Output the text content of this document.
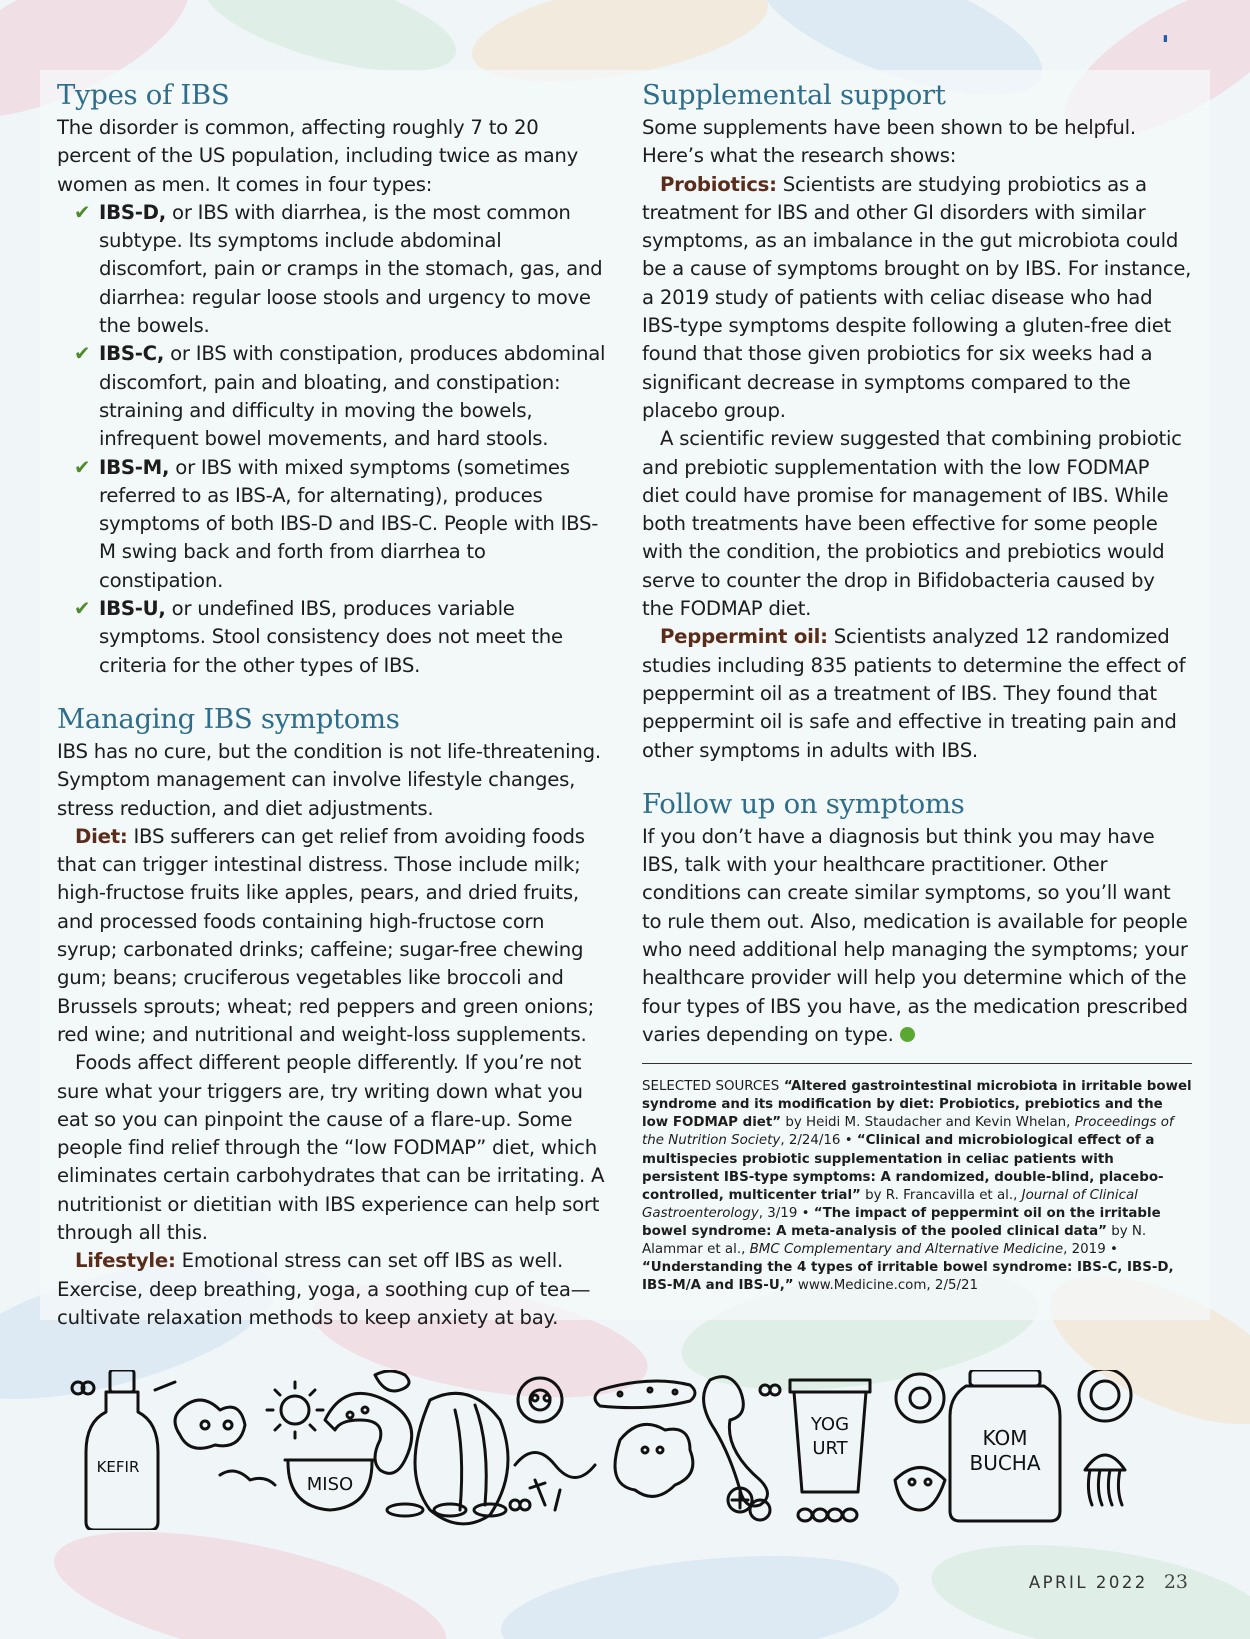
▮
Types of IBS

The disorder is common, affecting roughly 7 to 20 percent of the US population, including twice as many women as men. It comes in four types:

✔ IBS-D, or IBS with diarrhea, is the most common subtype. Its symptoms include abdominal discomfort, pain or cramps in the stomach, gas, and diarrhea: regular loose stools and urgency to move the bowels.
✔ IBS-C, or IBS with constipation, produces abdominal discomfort, pain and bloating, and constipation: straining and difficulty in moving the bowels, infrequent bowel movements, and hard stools.
✔ IBS-M, or IBS with mixed symptoms (sometimes referred to as IBS-A, for alternating), produces symptoms of both IBS-D and IBS-C. People with IBS-M swing back and forth from diarrhea to constipation.
✔ IBS-U, or undefined IBS, produces variable symptoms. Stool consistency does not meet the criteria for the other types of IBS.
Managing IBS symptoms

IBS has no cure, but the condition is not life-threatening. Symptom management can involve lifestyle changes, stress reduction, and diet adjustments.

Diet: IBS sufferers can get relief from avoiding foods that can trigger intestinal distress. Those include milk; high-fructose fruits like apples, pears, and dried fruits, and processed foods containing high-fructose corn syrup; carbonated drinks; caffeine; sugar-free chewing gum; beans; cruciferous vegetables like broccoli and Brussels sprouts; wheat; red peppers and green onions; red wine; and nutritional and weight-loss supplements.

Foods affect different people differently. If you’re not sure what your triggers are, try writing down what you eat so you can pinpoint the cause of a flare-up. Some people find relief through the “low FODMAP” diet, which eliminates certain carbohydrates that can be irritating. A nutritionist or dietitian with IBS experience can help sort through all this.

Lifestyle: Emotional stress can set off IBS as well. Exercise, deep breathing, yoga, a soothing cup of tea—cultivate relaxation methods to keep anxiety at bay.

Supplemental support

Some supplements have been shown to be helpful. Here’s what the research shows:

Probiotics: Scientists are studying probiotics as a treatment for IBS and other GI disorders with similar symptoms, as an imbalance in the gut microbiota could be a cause of symptoms brought on by IBS. For instance, a 2019 study of patients with celiac disease who had IBS-type symptoms despite following a gluten-free diet found that those given probiotics for six weeks had a significant decrease in symptoms compared to the placebo group.

A scientific review suggested that combining probiotic and prebiotic supplementation with the low FODMAP diet could have promise for management of IBS. While both treatments have been effective for some people with the condition, the probiotics and prebiotics would serve to counter the drop in Bifidobacteria caused by the FODMAP diet.

Peppermint oil: Scientists analyzed 12 randomized studies including 835 patients to determine the effect of peppermint oil as a treatment of IBS. They found that peppermint oil is safe and effective in treating pain and other symptoms in adults with IBS.

Follow up on symptoms

If you don’t have a diagnosis but think you may have IBS, talk with your healthcare practitioner. Other conditions can create similar symptoms, so you’ll want to rule them out. Also, medication is available for people who need additional help managing the symptoms; your healthcare provider will help you determine which of the four types of IBS you have, as the medication prescribed varies depending on type.

SELECTED SOURCES “Altered gastrointestinal microbiota in irritable bowel syndrome and its modification by diet: Probiotics, prebiotics and the low FODMAP diet” by Heidi M. Staudacher and Kevin Whelan, Proceedings of the Nutrition Society, 2/24/16 • “Clinical and microbiological effect of a multispecies probiotic supplementation in celiac patients with persistent IBS-type symptoms: A randomized, double-blind, placebo-controlled, multicenter trial” by R. Francavilla et al., Journal of Clinical Gastroenterology, 3/19 • “The impact of peppermint oil on the irritable bowel syndrome: A meta-analysis of the pooled clinical data” by N. Alammar et al., BMC Complementary and Alternative Medicine, 2019 • “Understanding the 4 types of irritable bowel syndrome: IBS-C, IBS-D, IBS-M/A and IBS-U,” www.Medicine.com, 2/5/21
KEFIR
MISO
YOG
URT	KOM
BUCHA
APRIL 2022 23
